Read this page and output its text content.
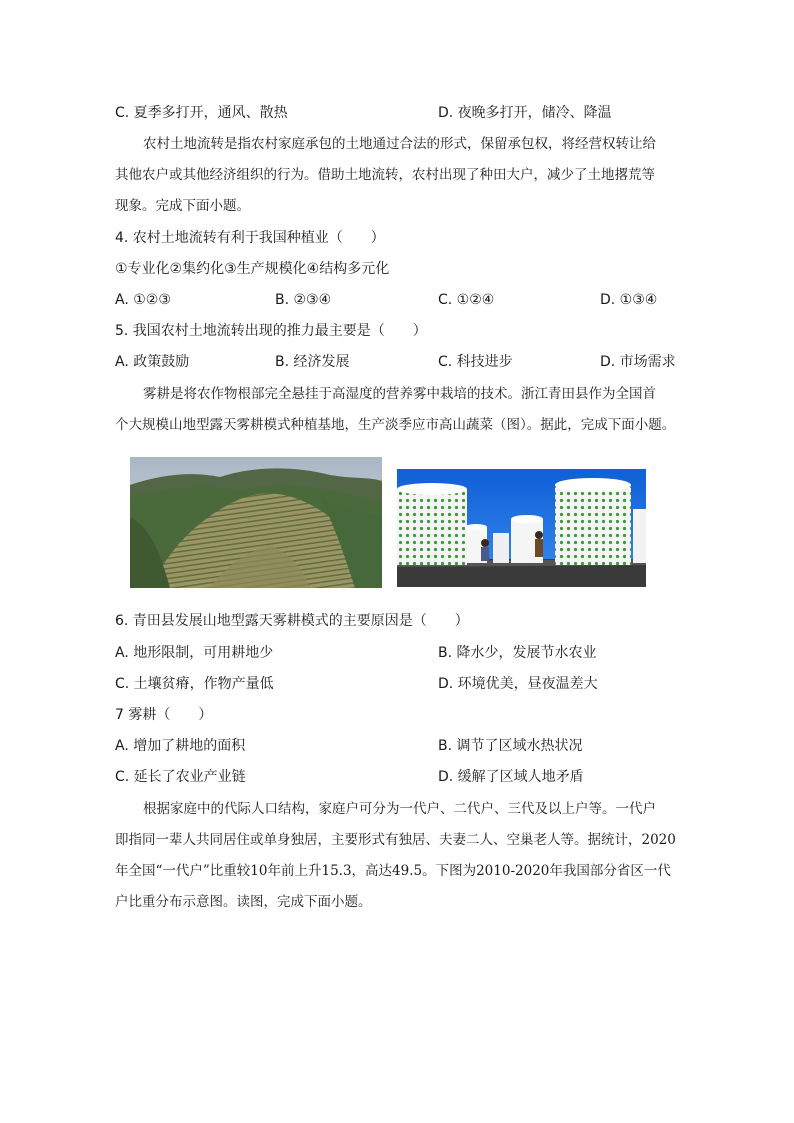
C. 夏季多打开，通风、散热	D. 夜晚多打开，储冷、降温
农村土地流转是指农村家庭承包的土地通过合法的形式，保留承包权，将经营权转让给
其他农户或其他经济组织的行为。借助土地流转，农村出现了种田大户，减少了土地撂荒等
现象。完成下面小题。
4. 农村土地流转有利于我国种植业（　　）
①专业化②集约化③生产规模化④结构多元化
A. ①②③	B. ②③④	C. ①②④	D. ①③④
5. 我国农村土地流转出现的推力最主要是（　　）
A. 政策鼓励	B. 经济发展	C. 科技进步	D. 市场需求
雾耕是将农作物根部完全悬挂于高湿度的营养雾中栽培的技术。浙江青田县作为全国首
个大规模山地型露天雾耕模式种植基地，生产淡季应市高山蔬菜（图）。据此，完成下面小题。
6. 青田县发展山地型露天雾耕模式的主要原因是（　　）
A. 地形限制，可用耕地少	B. 降水少，发展节水农业
C. 土壤贫瘠，作物产量低	D. 环境优美，昼夜温差大
7 雾耕（　　）
A. 增加了耕地的面积	B. 调节了区域水热状况
C. 延长了农业产业链	D. 缓解了区域人地矛盾
根据家庭中的代际人口结构，家庭户可分为一代户、二代户、三代及以上户等。一代户
即指同一辈人共同居住或单身独居，主要形式有独居、夫妻二人、空巢老人等。据统计，2020
年全国“一代户”比重较10年前上升15.3，高达49.5。下图为2010-2020年我国部分省区一代
户比重分布示意图。读图，完成下面小题。
